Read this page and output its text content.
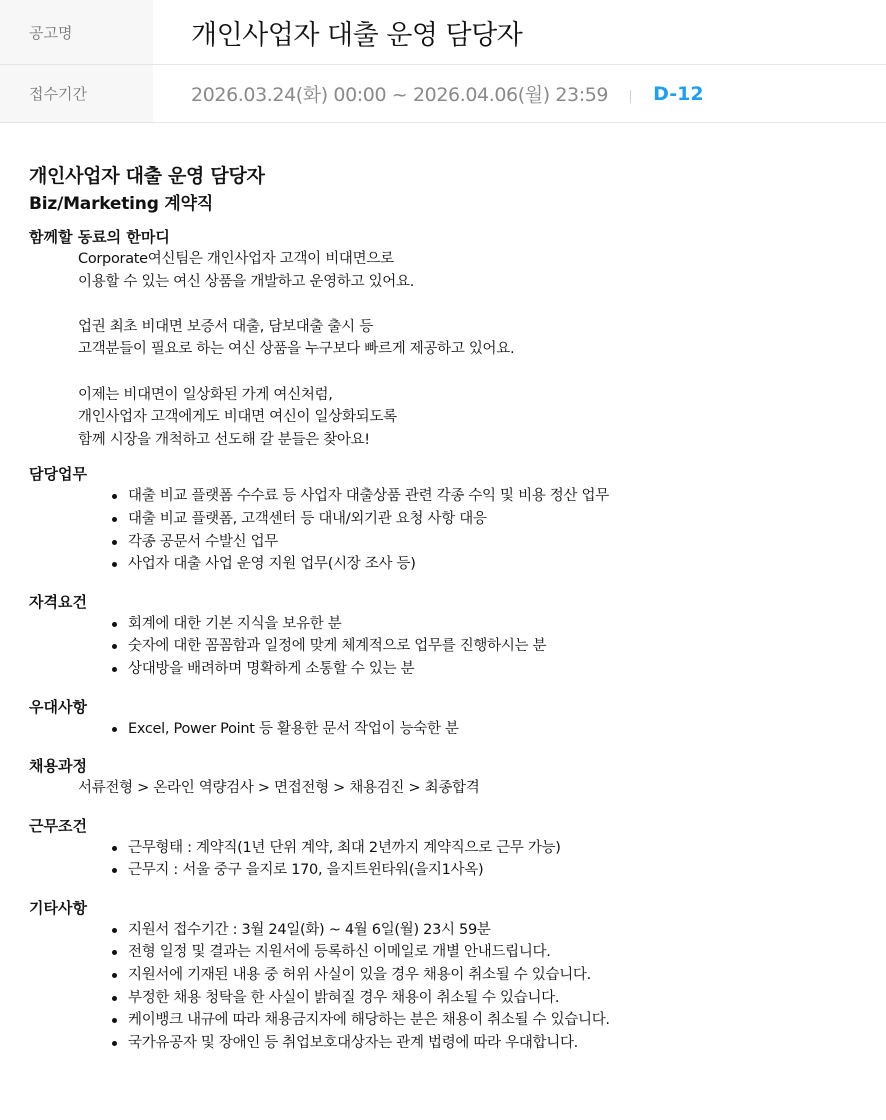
공고명	개인사업자 대출 운영 담당자
접수기간	2026.03.24(화) 00:00 ~ 2026.04.06(월) 23:59 D-12
개인사업자 대출 운영 담당자
Biz/Marketing 계약직
함께할 동료의 한마디
Corporate여신팀은 개인사업자 고객이 비대면으로
이용할 수 있는 여신 상품을 개발하고 운영하고 있어요.
업권 최초 비대면 보증서 대출, 담보대출 출시 등
고객분들이 필요로 하는 여신 상품을 누구보다 빠르게 제공하고 있어요.
이제는 비대면이 일상화된 가게 여신처럼,
개인사업자 고객에게도 비대면 여신이 일상화되도록
함께 시장을 개척하고 선도해 갈 분들은 찾아요!
담당업무
대출 비교 플랫폼 수수료 등 사업자 대출상품 관련 각종 수익 및 비용 정산 업무
대출 비교 플랫폼, 고객센터 등 대내/외기관 요청 사항 대응
각종 공문서 수발신 업무
사업자 대출 사업 운영 지원 업무(시장 조사 등)
자격요건
회계에 대한 기본 지식을 보유한 분
숫자에 대한 꼼꼼함과 일정에 맞게 체계적으로 업무를 진행하시는 분
상대방을 배려하며 명확하게 소통할 수 있는 분
우대사항
Excel, Power Point 등 활용한 문서 작업이 능숙한 분
채용과정
서류전형 > 온라인 역량검사 > 면접전형 > 채용검진 > 최종합격
근무조건
근무형태 : 계약직(1년 단위 계약, 최대 2년까지 계약직으로 근무 가능)
근무지 : 서울 중구 을지로 170, 을지트윈타워(을지1사옥)
기타사항
지원서 접수기간 : 3월 24일(화) ~ 4월 6일(월) 23시 59분
전형 일정 및 결과는 지원서에 등록하신 이메일로 개별 안내드립니다.
지원서에 기재된 내용 중 허위 사실이 있을 경우 채용이 취소될 수 있습니다.
부정한 채용 청탁을 한 사실이 밝혀질 경우 채용이 취소될 수 있습니다.
케이뱅크 내규에 따라 채용금지자에 해당하는 분은 채용이 취소될 수 있습니다.
국가유공자 및 장애인 등 취업보호대상자는 관계 법령에 따라 우대합니다.
